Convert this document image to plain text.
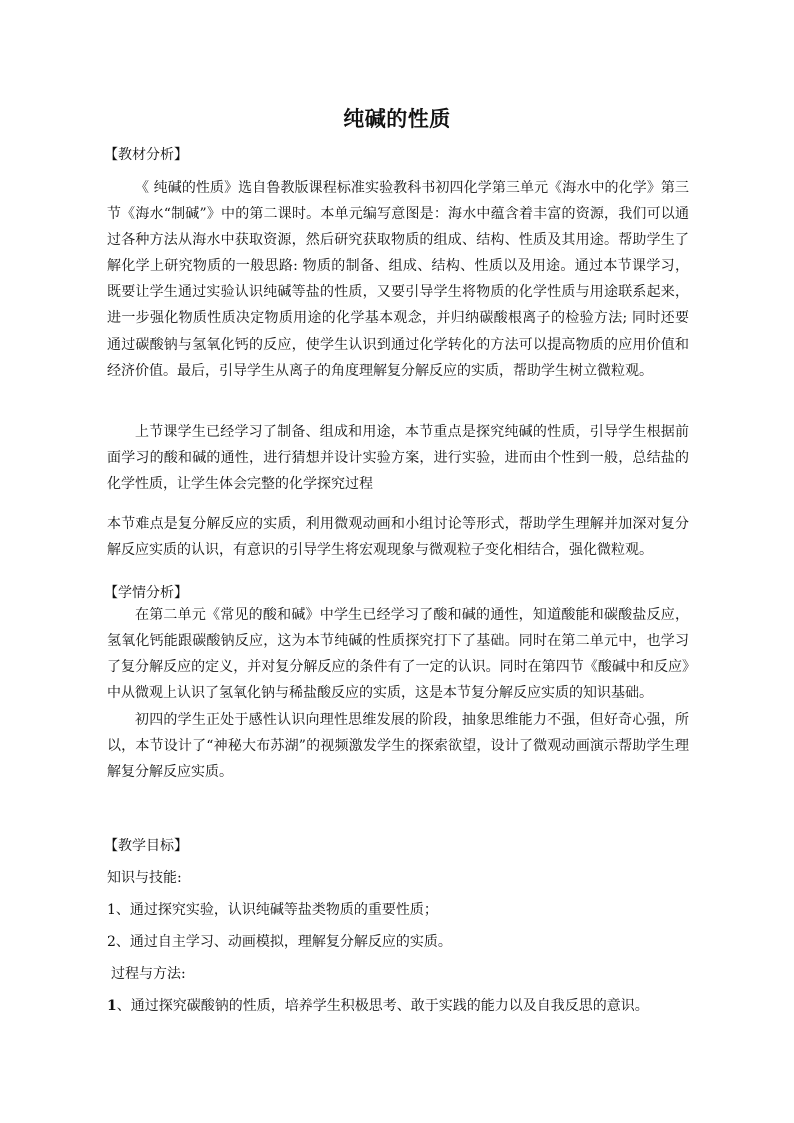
纯碱的性质
【教材分析】
《 纯碱的性质》选自鲁教版课程标准实验教科书初四化学第三单元《海水中的化学》第三节《海水“制碱”》中的第二课时。本单元编写意图是：海水中蕴含着丰富的资源，我们可以通过各种方法从海水中获取资源，然后研究获取物质的组成、结构、性质及其用途。帮助学生了解化学上研究物质的一般思路: 物质的制备、组成、结构、性质以及用途。通过本节课学习，既要让学生通过实验认识纯碱等盐的性质，又要引导学生将物质的化学性质与用途联系起来，进一步强化物质性质决定物质用途的化学基本观念，并归纳碳酸根离子的检验方法; 同时还要通过碳酸钠与氢氧化钙的反应，使学生认识到通过化学转化的方法可以提高物质的应用价值和经济价值。最后，引导学生从离子的角度理解复分解反应的实质，帮助学生树立微粒观。
上节课学生已经学习了制备、组成和用途，本节重点是探究纯碱的性质，引导学生根据前面学习的酸和碱的通性，进行猜想并设计实验方案，进行实验，进而由个性到一般，总结盐的化学性质，让学生体会完整的化学探究过程
本节难点是复分解反应的实质，利用微观动画和小组讨论等形式，帮助学生理解并加深对复分解反应实质的认识，有意识的引导学生将宏观现象与微观粒子变化相结合，强化微粒观。
【学情分析】
在第二单元《常见的酸和碱》中学生已经学习了酸和碱的通性，知道酸能和碳酸盐反应，氢氧化钙能跟碳酸钠反应，这为本节纯碱的性质探究打下了基础。同时在第二单元中，也学习了复分解反应的定义，并对复分解反应的条件有了一定的认识。同时在第四节《酸碱中和反应》中从微观上认识了氢氧化钠与稀盐酸反应的实质，这是本节复分解反应实质的知识基础。
初四的学生正处于感性认识向理性思维发展的阶段，抽象思维能力不强，但好奇心强，所以，本节设计了“神秘大布苏湖”的视频激发学生的探索欲望，设计了微观动画演示帮助学生理解复分解反应实质。
【教学目标】
知识与技能:
1、通过探究实验，认识纯碱等盐类物质的重要性质；
2、通过自主学习、动画模拟，理解复分解反应的实质。
过程与方法:
1、通过探究碳酸钠的性质，培养学生积极思考、敢于实践的能力以及自我反思的意识。
